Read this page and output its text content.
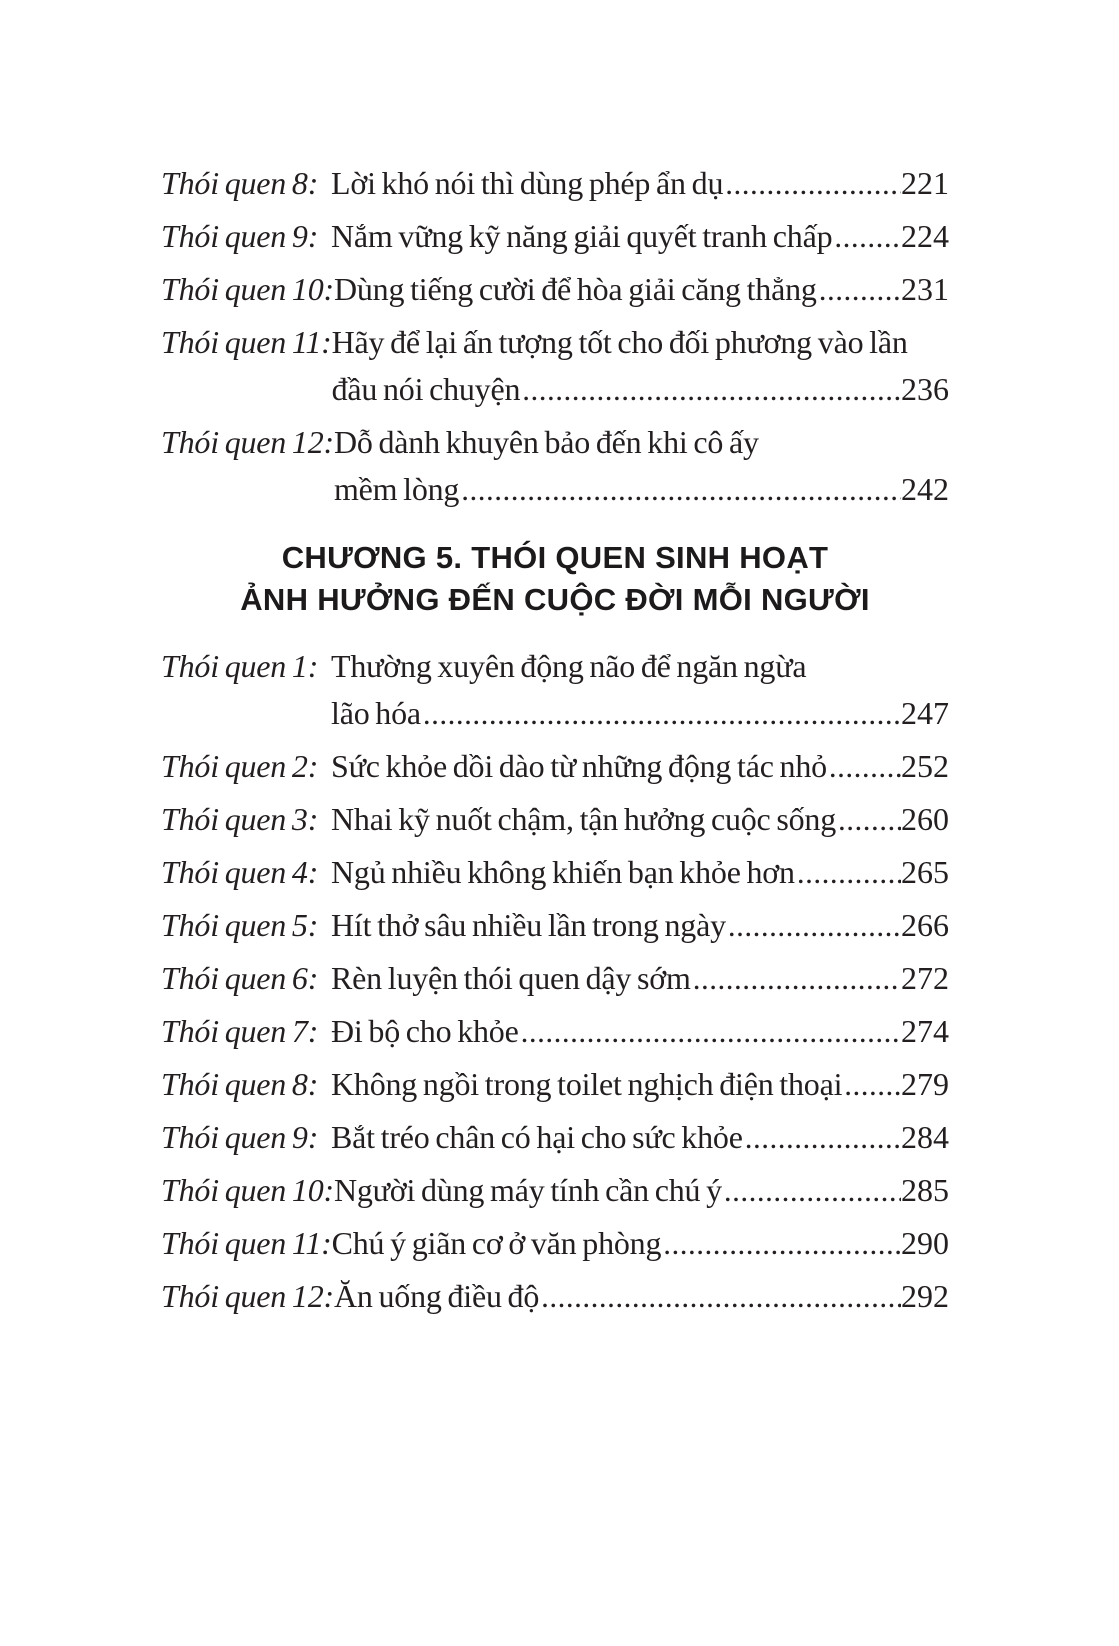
Thói quen 8: Lời khó nói thì dùng phép ẩn dụ .....	221
Thói quen 9: Nắm vững kỹ năng giải quyết tranh chấp ..... 224
Thói quen 10: Dùng tiếng cười để hòa giải căng thẳng .....	231
Thói quen 11: Hãy để lại ấn tượng tốt cho đối phương vào lần
đầu nói chuyện .....	236
Thói quen 12: Dỗ dành khuyên bảo đến khi cô ấy
mềm lòng .....	242
CHƯƠNG 5. THÓI QUEN SINH HOẠT
ẢNH HƯỞNG ĐẾN CUỘC ĐỜI MỖI NGƯỜI
Thói quen 1: Thường xuyên động não để ngăn ngừa
lão hóa .....	247
Thói quen 2: Sức khỏe dồi dào từ những động tác nhỏ ..... 252
Thói quen 3: Nhai kỹ nuốt chậm, tận hưởng cuộc sống ..... 260
Thói quen 4: Ngủ nhiều không khiến bạn khỏe hơn .....	265
Thói quen 5: Hít thở sâu nhiều lần trong ngày .....	266
Thói quen 6: Rèn luyện thói quen dậy sớm .....	272
Thói quen 7: Đi bộ cho khỏe .....	274
Thói quen 8: Không ngồi trong toilet nghịch điện thoại ..... 279
Thói quen 9: Bắt tréo chân có hại cho sức khỏe .....	284
Thói quen 10: Người dùng máy tính cần chú ý .....	285
Thói quen 11: Chú ý giãn cơ ở văn phòng .....	290
Thói quen 12: Ăn uống điều độ .....	292
